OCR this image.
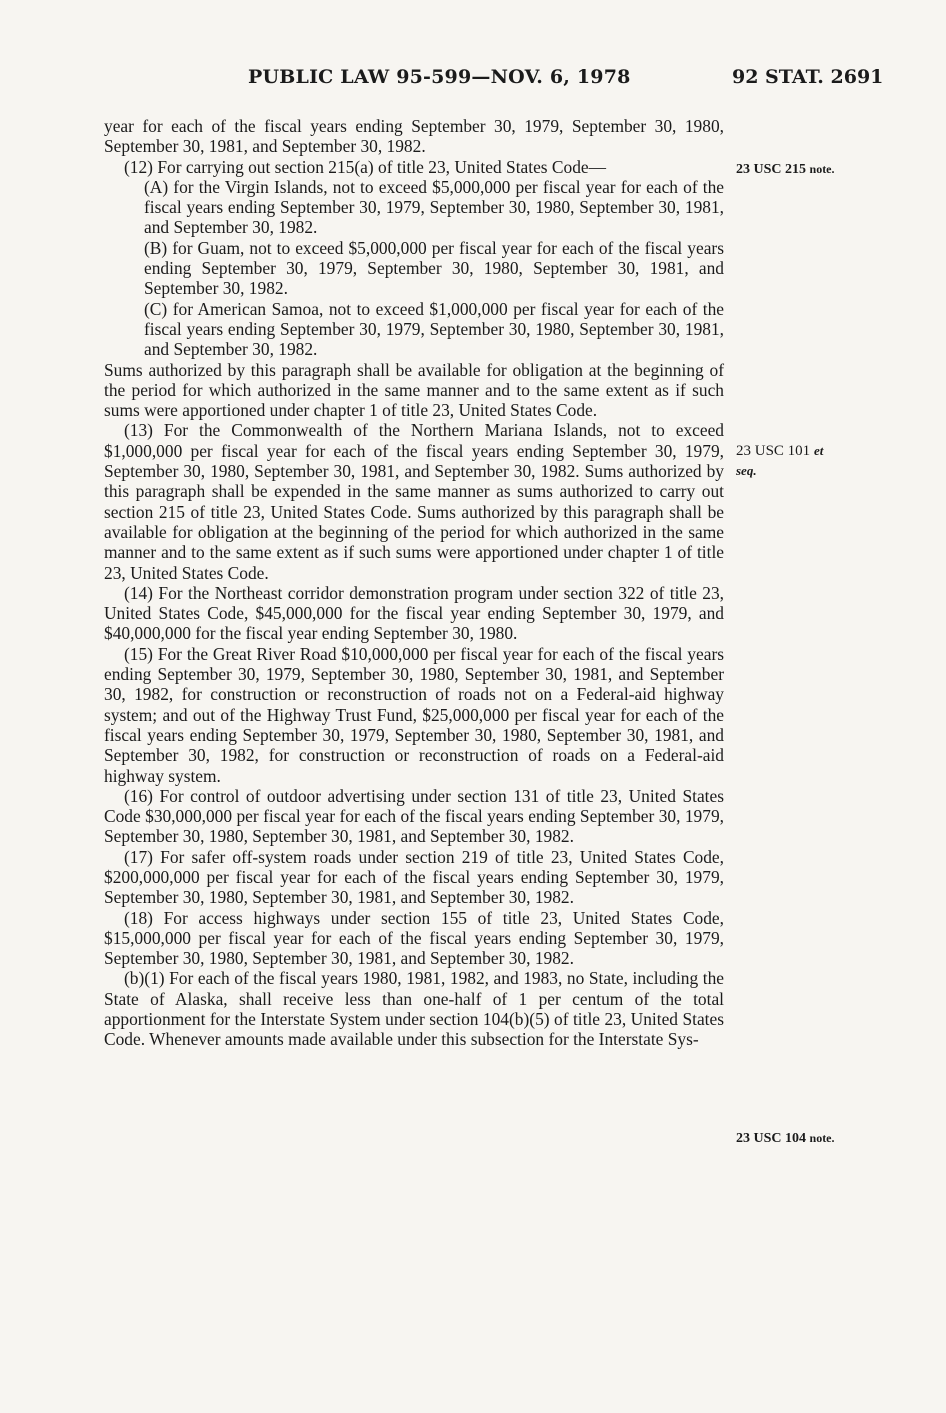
PUBLIC LAW 95-599—NOV. 6, 1978	92 STAT. 2691

year for each of the fiscal years ending September 30, 1979, September 30, 1980, September 30, 1981, and September 30, 1982.

(12) For carrying out section 215(a) of title 23, United States Code—

(A) for the Virgin Islands, not to exceed $5,000,000 per fiscal year for each of the fiscal years ending September 30, 1979, September 30, 1980, September 30, 1981, and September 30, 1982.

(B) for Guam, not to exceed $5,000,000 per fiscal year for each of the fiscal years ending September 30, 1979, September 30, 1980, September 30, 1981, and September 30, 1982.

(C) for American Samoa, not to exceed $1,000,000 per fiscal year for each of the fiscal years ending September 30, 1979, September 30, 1980, September 30, 1981, and September 30, 1982.

Sums authorized by this paragraph shall be available for obligation at the beginning of the period for which authorized in the same manner and to the same extent as if such sums were apportioned under chapter 1 of title 23, United States Code.

(13) For the Commonwealth of the Northern Mariana Islands, not to exceed $1,000,000 per fiscal year for each of the fiscal years ending September 30, 1979, September 30, 1980, September 30, 1981, and September 30, 1982. Sums authorized by this paragraph shall be expended in the same manner as sums authorized to carry out section 215 of title 23, United States Code. Sums authorized by this paragraph shall be available for obligation at the beginning of the period for which authorized in the same manner and to the same extent as if such sums were apportioned under chapter 1 of title 23, United States Code.

(14) For the Northeast corridor demonstration program under section 322 of title 23, United States Code, $45,000,000 for the fiscal year ending September 30, 1979, and $40,000,000 for the fiscal year ending September 30, 1980.

(15) For the Great River Road $10,000,000 per fiscal year for each of the fiscal years ending September 30, 1979, September 30, 1980, September 30, 1981, and September 30, 1982, for construction or reconstruction of roads not on a Federal-aid highway system; and out of the Highway Trust Fund, $25,000,000 per fiscal year for each of the fiscal years ending September 30, 1979, September 30, 1980, September 30, 1981, and September 30, 1982, for construction or reconstruction of roads on a Federal-aid highway system.

(16) For control of outdoor advertising under section 131 of title 23, United States Code $30,000,000 per fiscal year for each of the fiscal years ending September 30, 1979, September 30, 1980, September 30, 1981, and September 30, 1982.

(17) For safer off-system roads under section 219 of title 23, United States Code, $200,000,000 per fiscal year for each of the fiscal years ending September 30, 1979, September 30, 1980, September 30, 1981, and September 30, 1982.

(18) For access highways under section 155 of title 23, United States Code, $15,000,000 per fiscal year for each of the fiscal years ending September 30, 1979, September 30, 1980, September 30, 1981, and September 30, 1982.

(b)(1) For each of the fiscal years 1980, 1981, 1982, and 1983, no State, including the State of Alaska, shall receive less than one-half of 1 per centum of the total apportionment for the Interstate System under section 104(b)(5) of title 23, United States Code. Whenever amounts made available under this subsection for the Interstate Sys-

23 USC 215 note.
23 USC 101 et
seq.
23 USC 104 note.
